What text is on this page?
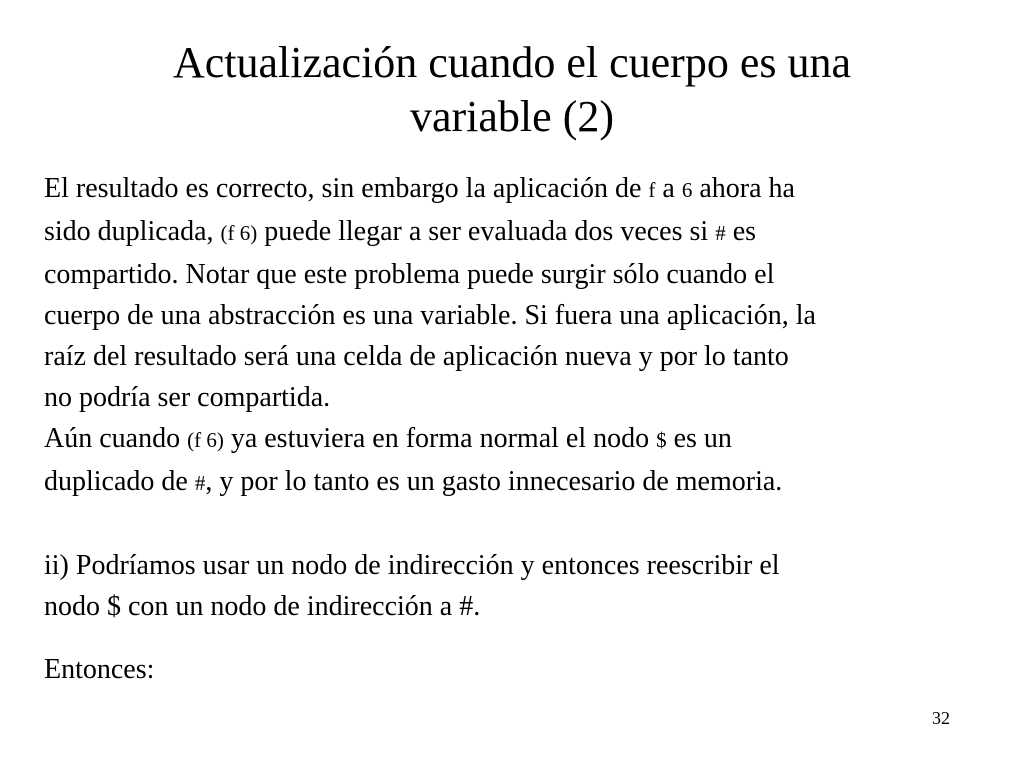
Actualización cuando el cuerpo es una
variable (2)

El resultado es correcto, sin embargo la aplicación de f a 6 ahora ha
sido duplicada, (f 6) puede llegar a ser evaluada dos veces si # es
compartido. Notar que este problema puede surgir sólo cuando el
cuerpo de una abstracción es una variable. Si fuera una aplicación, la
raíz del resultado será una celda de aplicación nueva y por lo tanto
no podría ser compartida.

Aún cuando (f 6) ya estuviera en forma normal el nodo $ es un
duplicado de #, y por lo tanto es un gasto innecesario de memoria.

ii) Podríamos usar un nodo de indirección y entonces reescribir el
nodo $ con un nodo de indirección a #.

Entonces:

32
